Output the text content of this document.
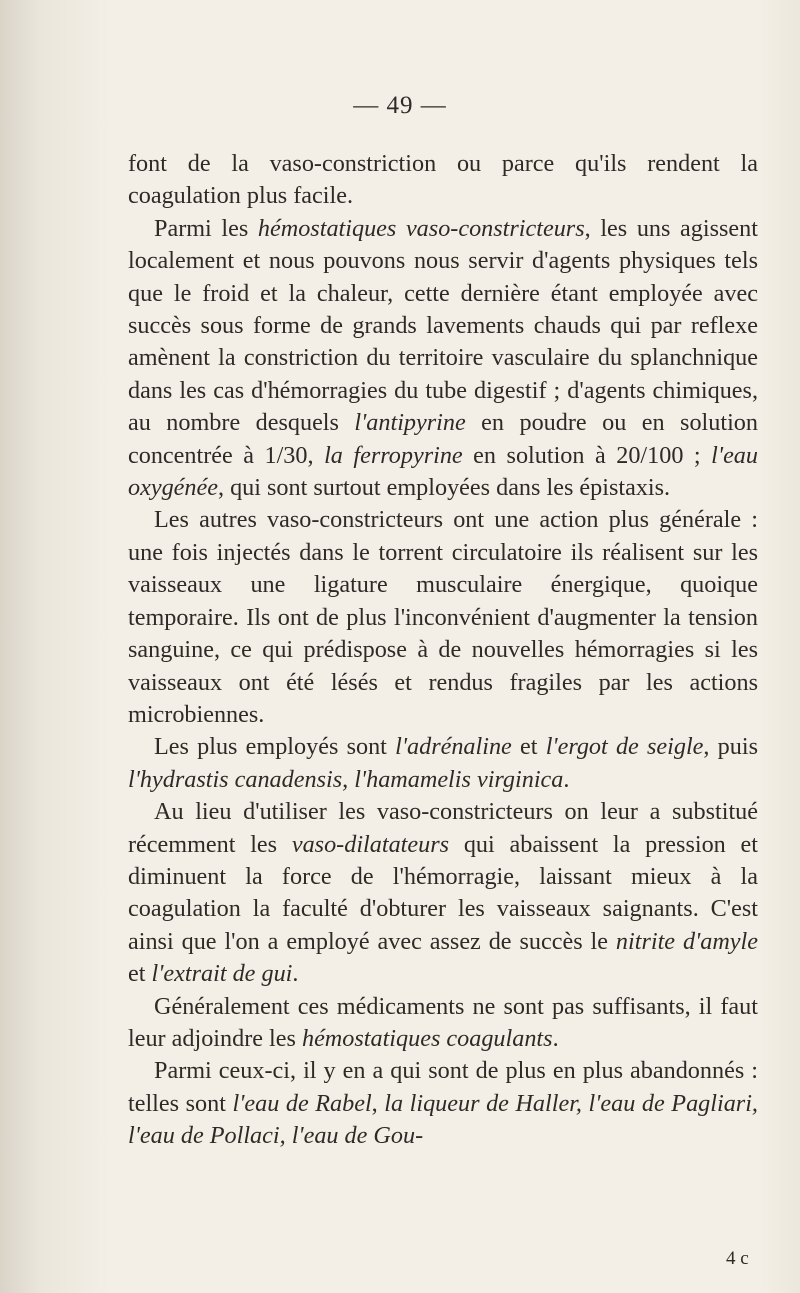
— 49 —

font de la vaso-constriction ou parce qu'ils rendent la coagulation plus facile.

Parmi les hémostatiques vaso-constricteurs, les uns agissent localement et nous pouvons nous servir d'agents physiques tels que le froid et la chaleur, cette dernière étant employée avec succès sous forme de grands lavements chauds qui par reflexe amènent la constriction du territoire vasculaire du splanchnique dans les cas d'hémorragies du tube digestif ; d'agents chimiques, au nombre desquels l'antipyrine en poudre ou en solution concentrée à 1/30, la ferropyrine en solution à 20/100 ; l'eau oxygénée, qui sont surtout employées dans les épistaxis.

Les autres vaso-constricteurs ont une action plus générale : une fois injectés dans le torrent circulatoire ils réalisent sur les vaisseaux une ligature musculaire énergique, quoique temporaire. Ils ont de plus l'inconvénient d'augmenter la tension sanguine, ce qui prédispose à de nouvelles hémorragies si les vaisseaux ont été lésés et rendus fragiles par les actions microbiennes.

Les plus employés sont l'adrénaline et l'ergot de seigle, puis l'hydrastis canadensis, l'hamamelis virginica.

Au lieu d'utiliser les vaso-constricteurs on leur a substitué récemment les vaso-dilatateurs qui abaissent la pression et diminuent la force de l'hémorragie, laissant mieux à la coagulation la faculté d'obturer les vaisseaux saignants. C'est ainsi que l'on a employé avec assez de succès le nitrite d'amyle et l'extrait de gui.

Généralement ces médicaments ne sont pas suffisants, il faut leur adjoindre les hémostatiques coagulants.

Parmi ceux-ci, il y en a qui sont de plus en plus abandonnés : telles sont l'eau de Rabel, la liqueur de Haller, l'eau de Pagliari, l'eau de Pollaci, l'eau de Gou-

4 c
